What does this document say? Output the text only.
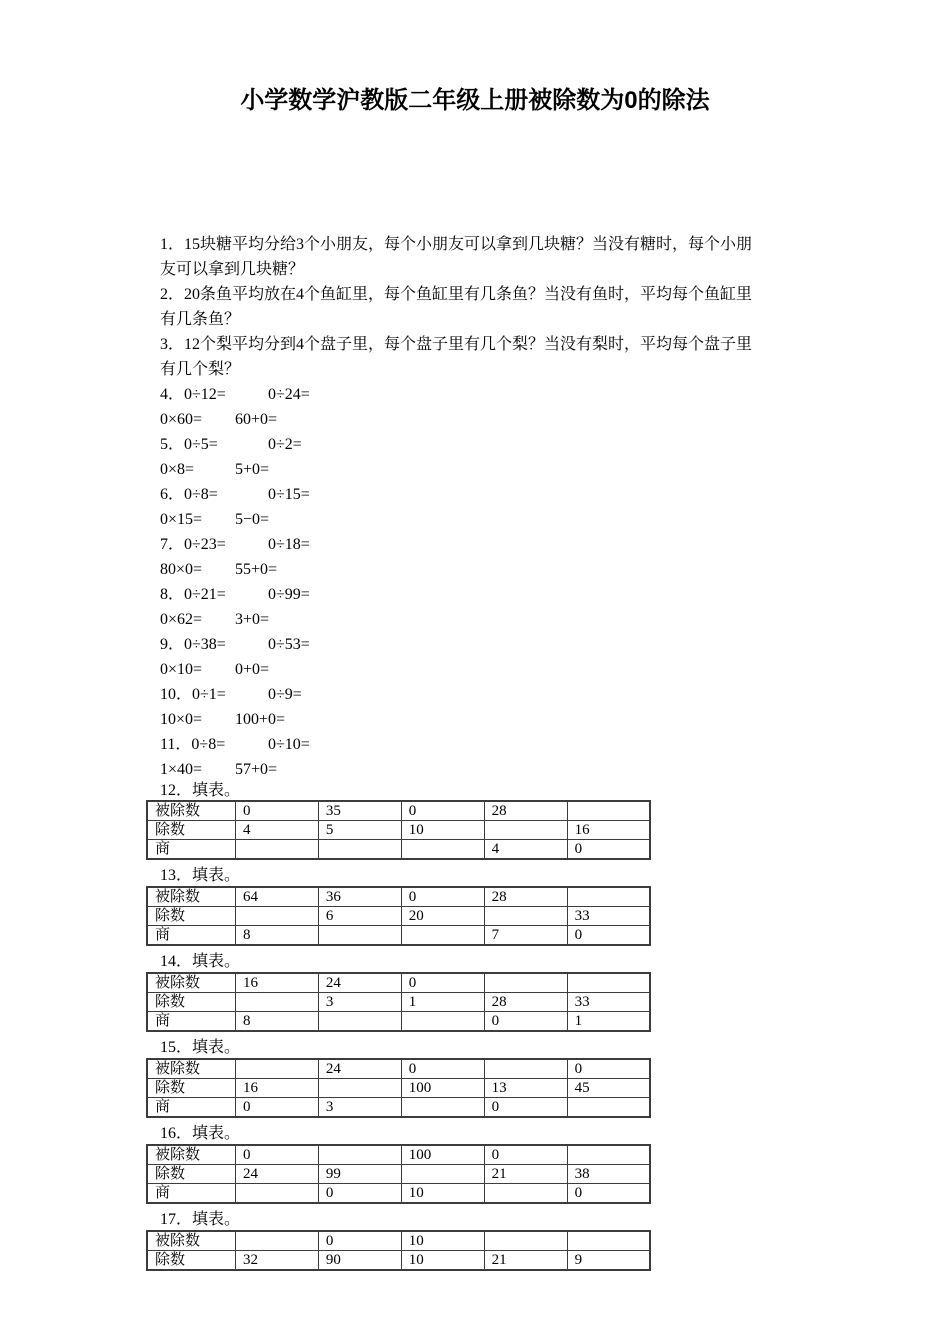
小学数学沪教版二年级上册被除数为0的除法
1．15块糖平均分给3个小朋友，每个小朋友可以拿到几块糖？当没有糖时，每个小朋
友可以拿到几块糖？
2．20条鱼平均放在4个鱼缸里，每个鱼缸里有几条鱼？当没有鱼时，平均每个鱼缸里
有几条鱼？
3．12个梨平均分到4个盘子里，每个盘子里有几个梨？当没有梨时，平均每个盘子里
有几个梨？
4．0÷12=	0÷24=
0×60= 60+0=
5．0÷5=	0÷2=
0×8=	5+0=
6．0÷8=	0÷15=
0×15= 5−0=
7．0÷23=	0÷18=
80×0= 55+0=
8．0÷21=	0÷99=
0×62= 3+0=
9．0÷38=	0÷53=
0×10= 0+0=
10．0÷1=	0÷9=
10×0= 100+0=
11．0÷8=	0÷10=
1×40= 57+0=
12．填表。
被除数	0	35	0	28	
除数	4	5	10		16
商				4	0
13．填表。
被除数	64	36	0	28	
除数		6	20		33
商	8			7	0
14．填表。
被除数	16	24	0		
除数		3	1	28	33
商	8			0	1
15．填表。
被除数		24	0		0
除数	16		100	13	45
商	0	3		0	
16．填表。
被除数	0		100	0	
除数	24	99		21	38
商		0	10		0
17．填表。
被除数		0	10		
除数	32	90	10	21	9
